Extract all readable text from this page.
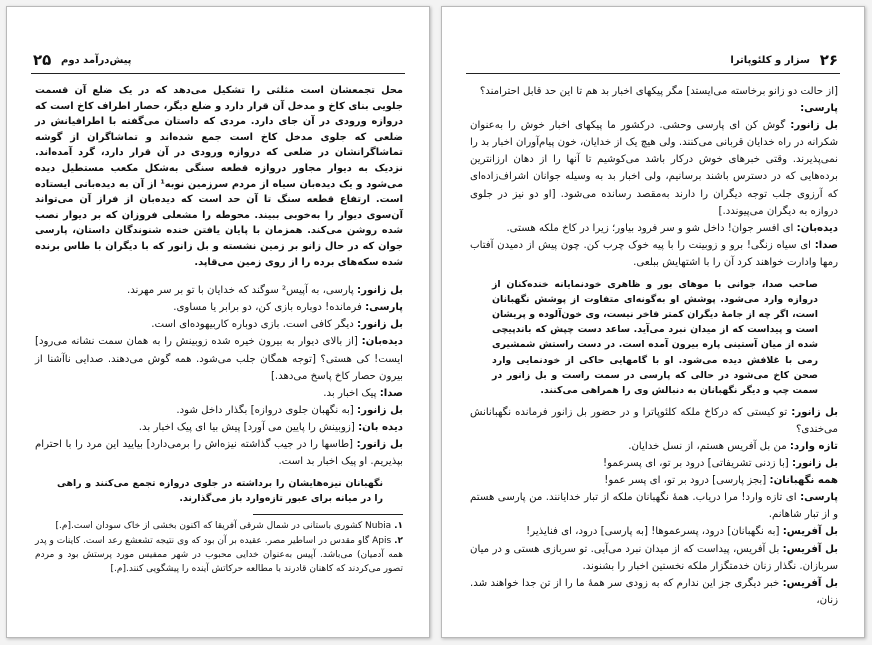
۲۵ پیش‌درآمد دوم

محل تجمعشان است مثلثی را تشکیل می‌دهد که در یک ضلع آن قسمت جلویی بنای کاخ و مدخل آن قرار دارد و ضلع دیگر، حصار اطراف کاخ است که دروازه ورودی در آن جای دارد. مردی که داستان می‌گفته با اطرافیانش در ضلعی که جلوی مدخل کاخ است جمع شده‌اند و تماشاگران از گوشه تماشاگرانشان در ضلعی که دروازه ورودی در آن قرار دارد، گرد آمده‌اند. نزدیک به دیوار مجاور دروازه قطعه سنگی به‌شکل مکعب مستطیل دیده می‌شود و یک دیده‌بان سیاه از مردم سرزمین نوبه¹ از آن به دیده‌بانی ایستاده است. ارتفاع قطعه سنگ تا آن حد است که دیده‌بان از فراز آن می‌تواند آن‌سوی دیوار را به‌خوبی ببیند. محوطه را مشعلی فروزان که بر دیوار نصب شده روشن می‌کند. همزمان با پایان یافتن خنده شنوندگان داستان، پارسی جوان که در حال زانو بر زمین نشسته و بل زانور که با دیگران با طاس برنده شده سکه‌های برده را از روی زمین می‌قاپد.

بل زانور: پارسی، به آپیس² سوگند که خدایان با تو بر سر مهرند.

پارسی: فرمانده! دوباره بازی کن، دو برابر یا مساوی.

بل زانور: دیگر کافی است. بازی دوباره کاربیهوده‌ای است.

دیده‌بان: [از بالای دیوار به بیرون خیره شده زوبینش را به همان سمت نشانه می‌رود] ایست! کی هستی؟ [توجه همگان جلب می‌شود. همه گوش می‌دهند. صدایی ناآشنا از بیرون حصار کاخ پاسخ می‌دهد.]

صدا: پیک اخبار بد.

بل زانور: [به نگهبان جلوی دروازه] بگذار داخل شود.

دیده بان: [زوبینش را پایین می آورد] پیش بیا ای پیک اخبار بد.

بل زانور: [طاسها را در جیب گذاشته نیزه‌اش را برمی‌دارد] بیایید این مرد را با احترام بپذیریم. او پیک اخبار بد است.

نگهبانان نیزه‌هایشان را برداشته در جلوی دروازه تجمع می‌کنند و راهی را در میانه برای عبور تازه‌وارد باز می‌گذارند.

۱. Nubia کشوری باستانی در شمال شرقی آفریقا که اکنون بخشی از خاک سودان است.[م.]

۲. Apis گاو مقدس در اساطیر مصر. عقیده بر آن بود که وی نتیجه تشعشع رعد است. کاینات و پدر همه آدمیان) می‌باشد. آپیس به‌عنوان خدایی محبوب در شهر ممفیس مورد پرستش بود و مردم تصور می‌کردند که کاهنان قادرند با مطالعه حرکاتش آینده را پیشگویی کنند.[م.]

۲۶
سزار و کلئوپاترا

[از حالت دو زانو برخاسته می‌ایستد] مگر پیکهای اخبار بد هم تا این حد قابل احترامند؟

پارسی:

بل زانور: گوش کن ای پارسی وحشی. درکشور ما پیکهای اخبار خوش را به‌عنوان شکرانه در راه خدایان قربانی می‌کنند. ولی هیچ یک از خدایان، خون پیام‌آوران اخبار بد را نمی‌پذیرند. وقتی خبرهای خوش درکار باشد می‌کوشیم تا آنها را از دهان ارزانترین برده‌هایی که در دسترس باشند برسانیم، ولی اخبار بد به وسیله جوانان اشراف‌زاده‌ای که آرزوی جلب توجه دیگران را دارند به‌مقصد رسانده می‌شود. [او دو نیز در جلوی دروازه به دیگران می‌پیوندد.]

دیده‌بان: ای افسر جوان! داخل شو و سر فرود بیاور؛ زیرا در کاخ ملکه هستی.

صدا: ای سیاه زنگی! برو و زوبینت را با پیه خوک چرب کن. چون پیش از دمیدن آفتاب رمها وادارت خواهند کرد آن را با اشتهایش ببلعی.

صاحب صدا، جوانی با موهای بور و ظاهری خودنمایانه خنده‌کنان از دروازه وارد می‌شود. پوشش او به‌گونه‌ای متفاوت از پوشش نگهبانان است، اگر چه از جامهٔ دیگران کمتر فاخر نیست، وی خون‌آلوده و پریشان است و پیداست که از میدان نبرد می‌آید. ساعد دست چپش که باندپیچی شده از میان آستینی پاره بیرون آمده است. در دست راستش شمشیری رمی با غلافش دیده می‌شود. او با گامهایی حاکی از خودنمایی وارد صحن کاخ می‌شود در حالی که پارسی در سمت راست و بل زانور در سمت چپ و دیگر نگهبانان به دنبالش وی را همراهی می‌کنند.

بل زانور: تو کیستی که درکاخ ملکه کلئوپاترا و در حضور بل زانور فرمانده نگهبانانش می‌خندی؟

تازه وارد: من بل آفریس هستم، از نسل خدایان.

بل زانور: [با زدنی تشریفاتی] درود بر تو، ای پسرعمو!

همه نگهبانان: [بجز پارسی] درود بر تو، ای پسر عمو!

پارسی: ای تازه وارد! مرا دریاب. همهٔ نگهبانان ملکه از تبار خدایانند. من پارسی هستم و از تبار شاهانم.

بل آفریس: [به نگهبانان] درود، پسرعموها! [به پارسی] درود، ای فنایذیر!

بل آفریس: بل آفریس، پیداست که از میدان نبرد می‌آیی. تو سربازی هستی و در میان سربازان. نگذار زنان خدمتگزار ملکه نخستین اخبار را بشنوند.

بل آفریس: خبر دیگری جز این ندارم که به زودی سر همهٔ ما را از تن جدا خواهند شد. زنان،
